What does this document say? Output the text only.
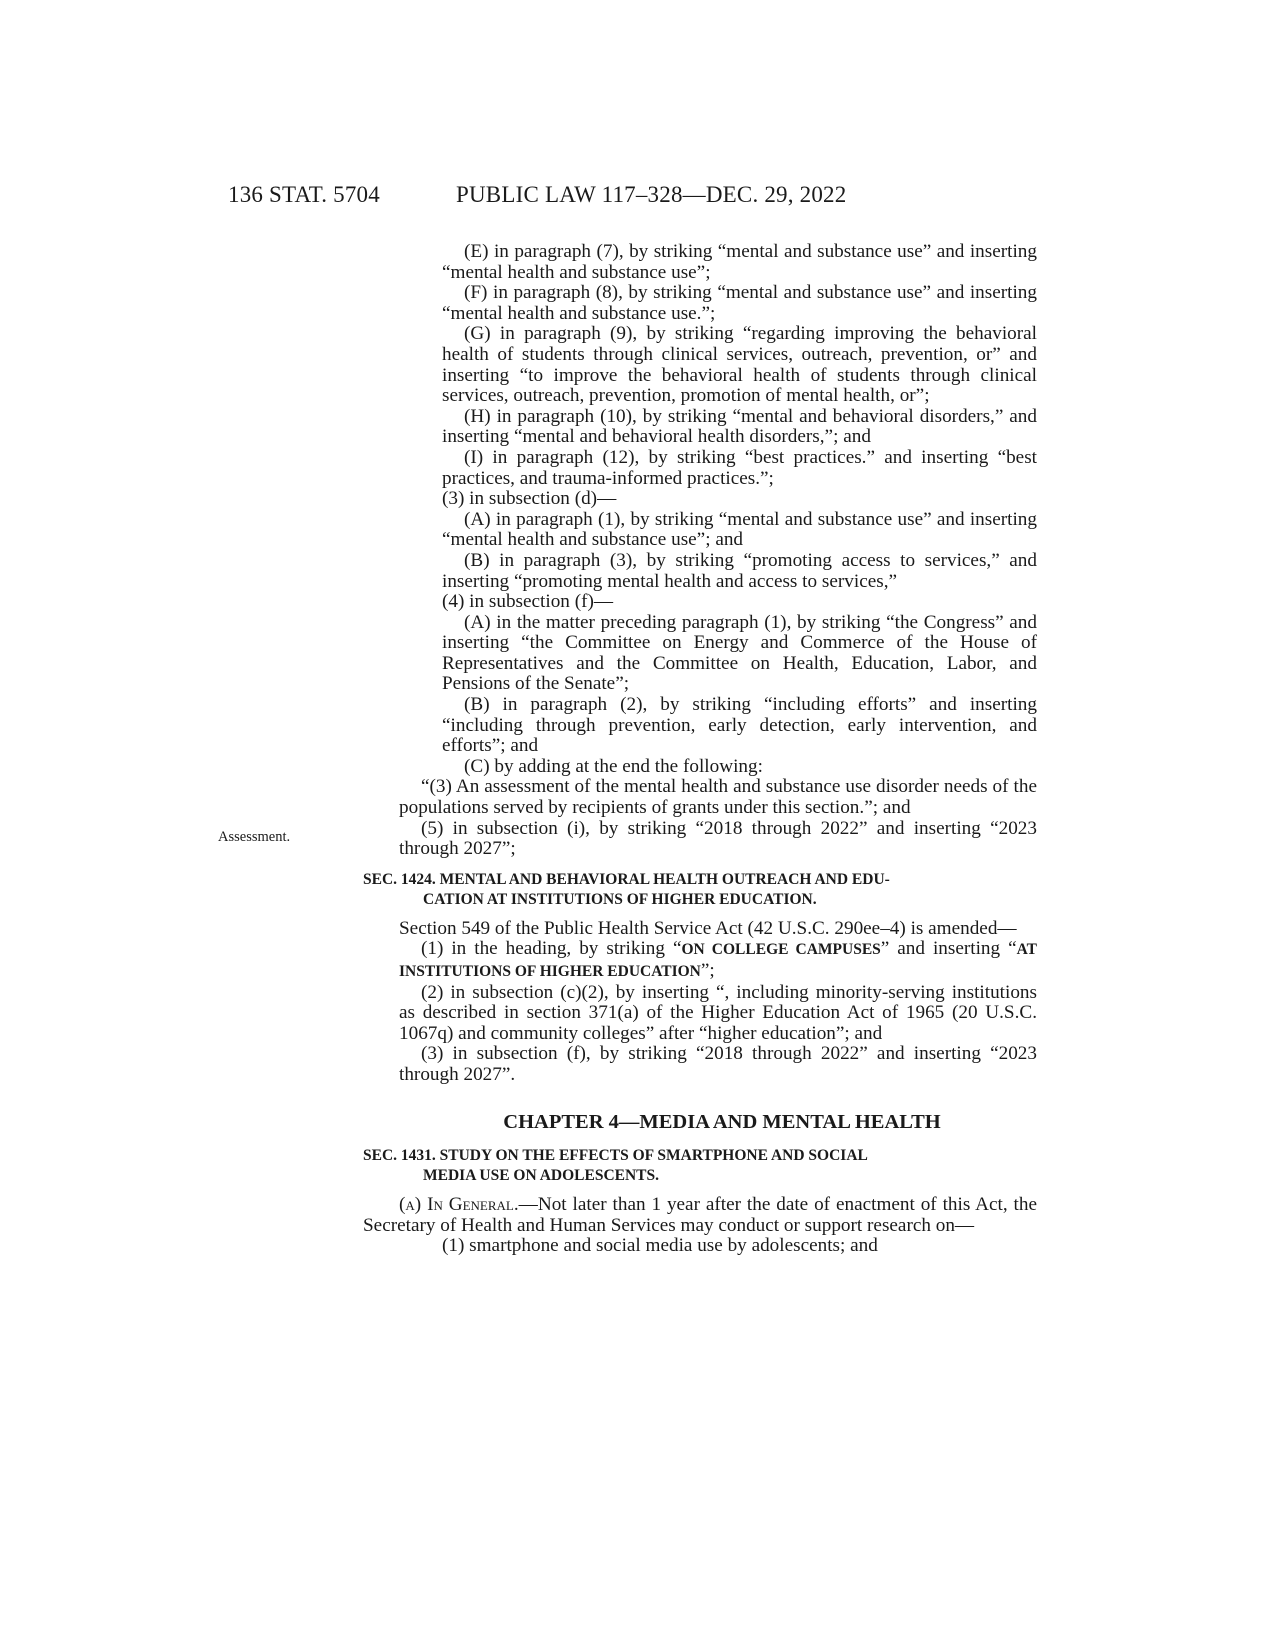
136 STAT. 5704	PUBLIC LAW 117–328—DEC. 29, 2022

Assessment.

(E) in paragraph (7), by striking “mental and substance use” and inserting “mental health and substance use”;

(F) in paragraph (8), by striking “mental and substance use” and inserting “mental health and substance use.”;

(G) in paragraph (9), by striking “regarding improving the behavioral health of students through clinical services, outreach, prevention, or” and inserting “to improve the behavioral health of students through clinical services, outreach, prevention, promotion of mental health, or”;

(H) in paragraph (10), by striking “mental and behavioral disorders,” and inserting “mental and behavioral health disorders,”; and

(I) in paragraph (12), by striking “best practices.” and inserting “best practices, and trauma-informed practices.”;

(3) in subsection (d)—

(A) in paragraph (1), by striking “mental and substance use” and inserting “mental health and substance use”; and

(B) in paragraph (3), by striking “promoting access to services,” and inserting “promoting mental health and access to services,”

(4) in subsection (f)—

(A) in the matter preceding paragraph (1), by striking “the Congress” and inserting “the Committee on Energy and Commerce of the House of Representatives and the Committee on Health, Education, Labor, and Pensions of the Senate”;

(B) in paragraph (2), by striking “including efforts” and inserting “including through prevention, early detection, early intervention, and efforts”; and

(C) by adding at the end the following:

“(3) An assessment of the mental health and substance use disorder needs of the populations served by recipients of grants under this section.”; and

(5) in subsection (i), by striking “2018 through 2022” and inserting “2023 through 2027”;

SEC. 1424. MENTAL AND BEHAVIORAL HEALTH OUTREACH AND EDU-
CATION AT INSTITUTIONS OF HIGHER EDUCATION.

Section 549 of the Public Health Service Act (42 U.S.C. 290ee–4) is amended—

(1) in the heading, by striking “ON COLLEGE CAMPUSES” and inserting “AT INSTITUTIONS OF HIGHER EDUCATION”;

(2) in subsection (c)(2), by inserting “, including minority-serving institutions as described in section 371(a) of the Higher Education Act of 1965 (20 U.S.C. 1067q) and community colleges” after “higher education”; and

(3) in subsection (f), by striking “2018 through 2022” and inserting “2023 through 2027”.

CHAPTER 4—MEDIA AND MENTAL HEALTH

SEC. 1431. STUDY ON THE EFFECTS OF SMARTPHONE AND SOCIAL
MEDIA USE ON ADOLESCENTS.

(a) In General.—Not later than 1 year after the date of enactment of this Act, the Secretary of Health and Human Services may conduct or support research on—

(1) smartphone and social media use by adolescents; and
